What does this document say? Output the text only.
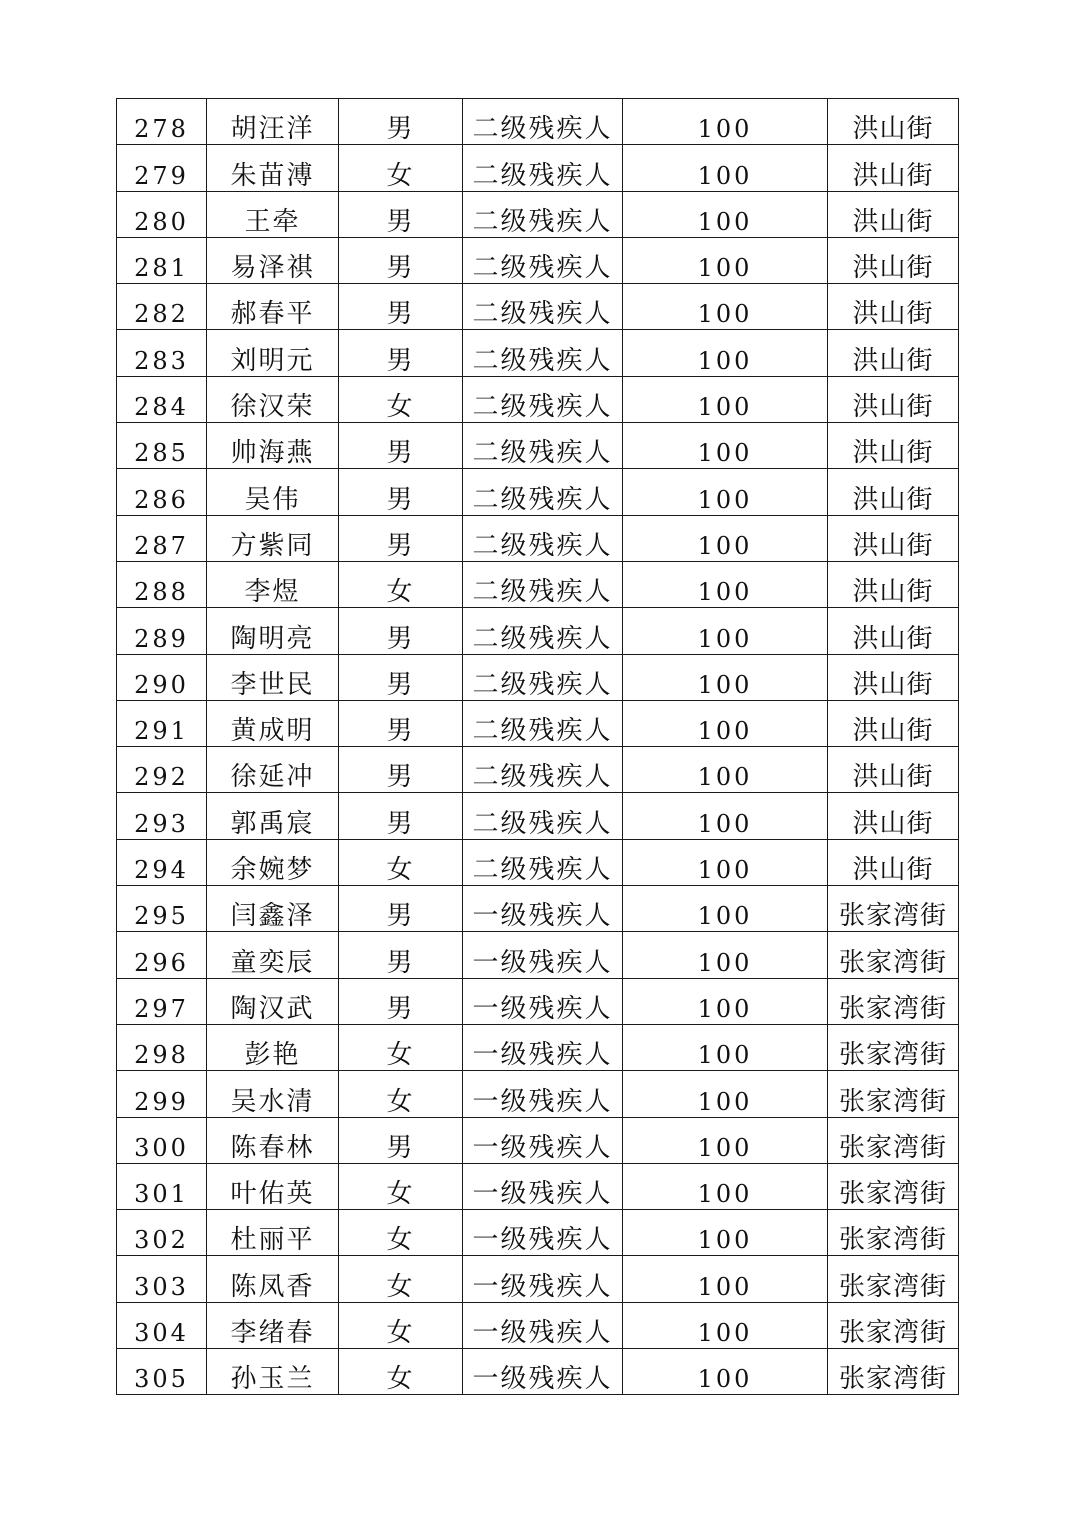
278	胡汪洋	男	二级残疾人	100	洪山街
279	朱苗溥	女	二级残疾人	100	洪山街
280	王牵	男	二级残疾人	100	洪山街
281	易泽祺	男	二级残疾人	100	洪山街
282	郝春平	男	二级残疾人	100	洪山街
283	刘明元	男	二级残疾人	100	洪山街
284	徐汉荣	女	二级残疾人	100	洪山街
285	帅海燕	男	二级残疾人	100	洪山街
286	吴伟	男	二级残疾人	100	洪山街
287	方紫同	男	二级残疾人	100	洪山街
288	李煜	女	二级残疾人	100	洪山街
289	陶明亮	男	二级残疾人	100	洪山街
290	李世民	男	二级残疾人	100	洪山街
291	黄成明	男	二级残疾人	100	洪山街
292	徐延冲	男	二级残疾人	100	洪山街
293	郭禹宸	男	二级残疾人	100	洪山街
294	余婉梦	女	二级残疾人	100	洪山街
295	闫鑫泽	男	一级残疾人	100	张家湾街
296	童奕辰	男	一级残疾人	100	张家湾街
297	陶汉武	男	一级残疾人	100	张家湾街
298	彭艳	女	一级残疾人	100	张家湾街
299	吴水清	女	一级残疾人	100	张家湾街
300	陈春林	男	一级残疾人	100	张家湾街
301	叶佑英	女	一级残疾人	100	张家湾街
302	杜丽平	女	一级残疾人	100	张家湾街
303	陈凤香	女	一级残疾人	100	张家湾街
304	李绪春	女	一级残疾人	100	张家湾街
305	孙玉兰	女	一级残疾人	100	张家湾街
